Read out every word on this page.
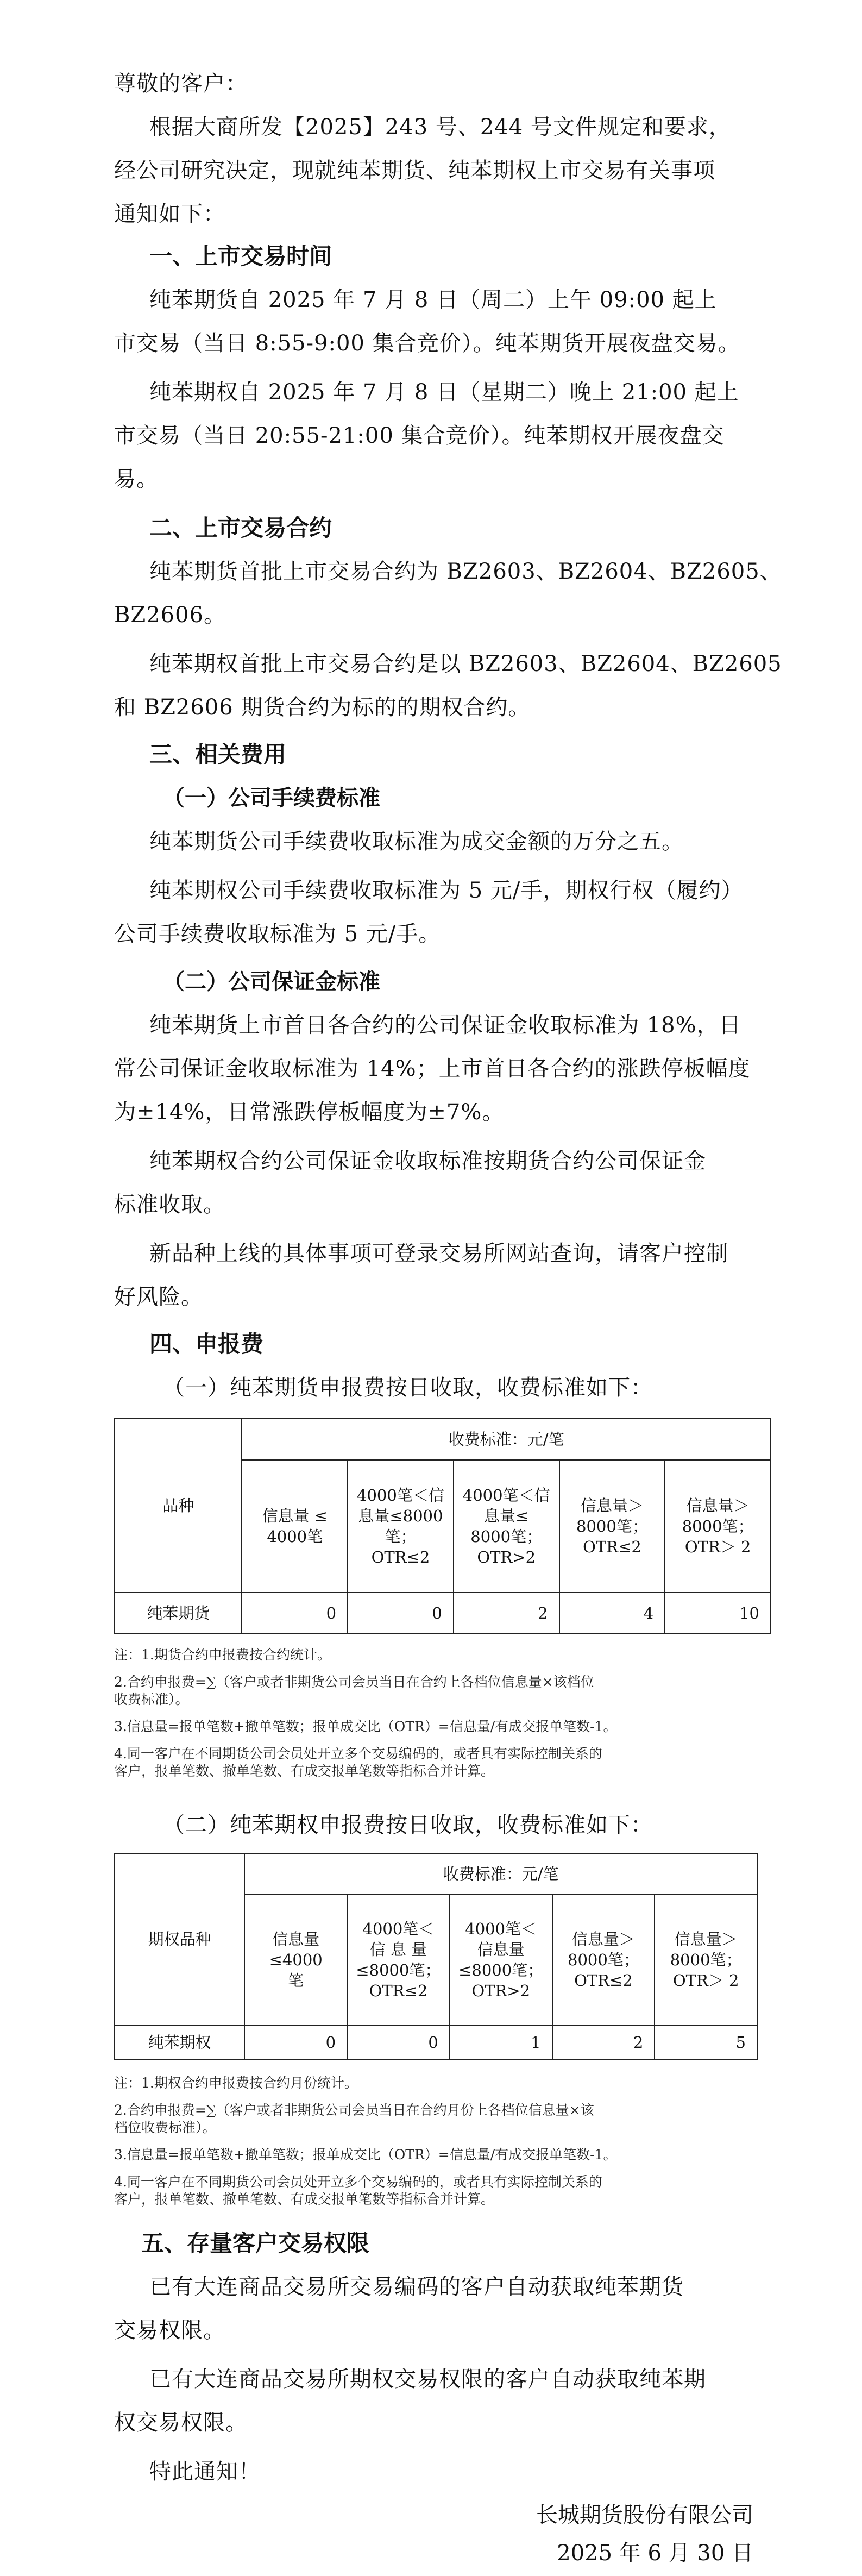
尊敬的客户：
根据大商所发【2025】243 号、244 号文件规定和要求，
经公司研究决定，现就纯苯期货、纯苯期权上市交易有关事项
通知如下：
一、上市交易时间
纯苯期货自 2025 年 7 月 8 日（周二）上午 09:00 起上
市交易（当日 8:55-9:00 集合竞价）。纯苯期货开展夜盘交易。
纯苯期权自 2025 年 7 月 8 日（星期二）晚上 21:00 起上
市交易（当日 20:55-21:00 集合竞价）。纯苯期权开展夜盘交
易。
二、上市交易合约
纯苯期货首批上市交易合约为 BZ2603、BZ2604、BZ2605、
BZ2606。
纯苯期权首批上市交易合约是以 BZ2603、BZ2604、BZ2605
和 BZ2606 期货合约为标的的期权合约。
三、相关费用
（一）公司手续费标准
纯苯期货公司手续费收取标准为成交金额的万分之五。
纯苯期权公司手续费收取标准为 5 元/手，期权行权（履约）
公司手续费收取标准为 5 元/手。
（二）公司保证金标准
纯苯期货上市首日各合约的公司保证金收取标准为 18%，日
常公司保证金收取标准为 14%；上市首日各合约的涨跌停板幅度
为±14%，日常涨跌停板幅度为±7%。
纯苯期权合约公司保证金收取标准按期货合约公司保证金
标准收取。
新品种上线的具体事项可登录交易所网站查询，请客户控制
好风险。
四、申报费
（一）纯苯期货申报费按日收取，收费标准如下：
品种	收费标准：元/笔				
	信息量 ≤
4000笔	4000笔＜信
息量≤8000
笔；
OTR≤2	4000笔＜信
息量≤
8000笔；
OTR>2	信息量＞
8000笔；
OTR≤2	信息量＞
8000笔；
OTR＞ 2
纯苯期货	0	0	2	4	10
注：1.期货合约申报费按合约统计。
2.合约申报费=∑（客户或者非期货公司会员当日在合约上各档位信息量×该档位
收费标准）。
3.信息量=报单笔数+撤单笔数；报单成交比（OTR）=信息量/有成交报单笔数-1。
4.同一客户在不同期货公司会员处开立多个交易编码的，或者具有实际控制关系的
客户，报单笔数、撤单笔数、有成交报单笔数等指标合并计算。
（二）纯苯期权申报费按日收取，收费标准如下：
期权品种	收费标准：元/笔				
	信息量
≤4000
笔	4000笔＜
信 息 量
≤8000笔；
OTR≤2	4000笔＜
信息量
≤8000笔；
OTR>2	信息量＞
8000笔；
OTR≤2	信息量＞
8000笔；
OTR＞ 2
纯苯期权	0	0	1	2	5
注：1.期权合约申报费按合约月份统计。
2.合约申报费=∑（客户或者非期货公司会员当日在合约月份上各档位信息量×该
档位收费标准）。
3.信息量=报单笔数+撤单笔数；报单成交比（OTR）=信息量/有成交报单笔数-1。
4.同一客户在不同期货公司会员处开立多个交易编码的，或者具有实际控制关系的
客户，报单笔数、撤单笔数、有成交报单笔数等指标合并计算。
五、存量客户交易权限
已有大连商品交易所交易编码的客户自动获取纯苯期货
交易权限。
已有大连商品交易所期权交易权限的客户自动获取纯苯期
权交易权限。
特此通知！
长城期货股份有限公司
2025 年 6 月 30 日
